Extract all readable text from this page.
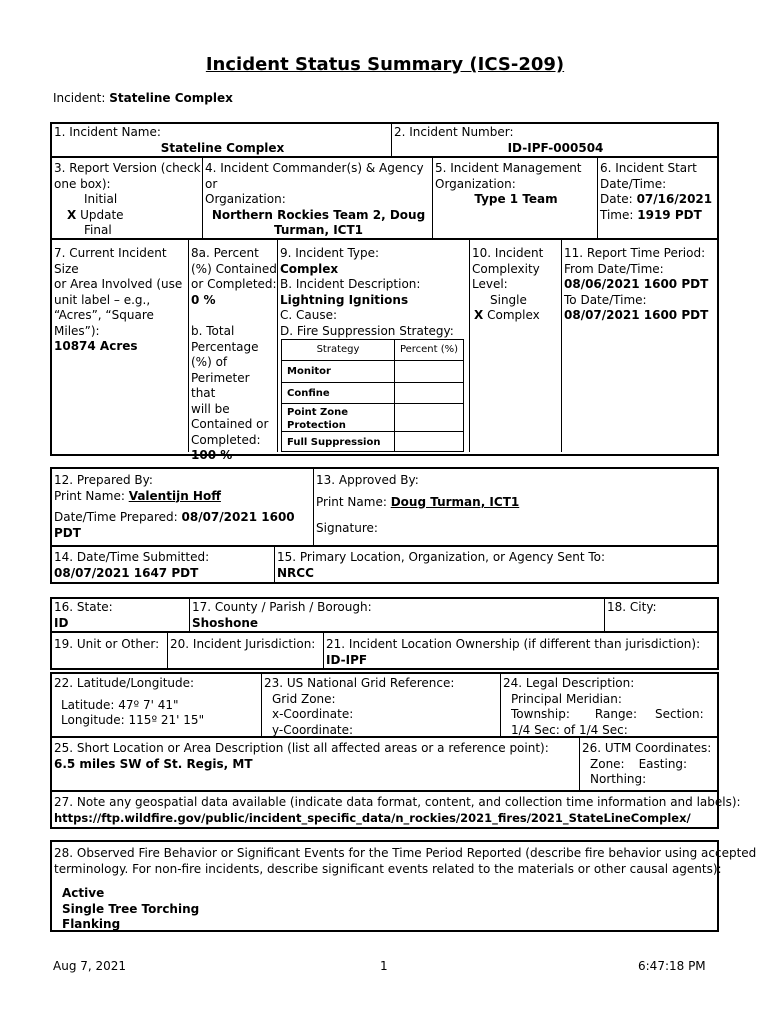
Incident Status Summary (ICS-209)
Incident: Stateline Complex
1. Incident Name:
Stateline Complex
2. Incident Number:
ID-IPF-000504
3. Report Version (check
one box):
Initial
X Update
Final
4. Incident Commander(s) & Agency or
Organization:
Northern Rockies Team 2, Doug
Turman, ICT1
5. Incident Management
Organization:
Type 1 Team
6. Incident Start
Date/Time:
Date: 07/16/2021
Time: 1919 PDT
7. Current Incident Size
or Area Involved (use
unit label – e.g.,
“Acres”, “Square
Miles”):
10874 Acres
8a. Percent
(%) Contained
or Completed:
0 %
b. Total
Percentage
(%) of
Perimeter that
will be
Contained or
Completed:
100 %
9. Incident Type:
Complex
B. Incident Description:
Lightning Ignitions
C. Cause:
D. Fire Suppression Strategy:
Strategy	Percent (%)
Monitor
Confine
Point Zone
Protection
Full Suppression
10. Incident
Complexity
Level:
Single
X Complex
11. Report Time Period:
From Date/Time:
08/06/2021 1600 PDT
To Date/Time:
08/07/2021 1600 PDT
12. Prepared By:
Print Name: Valentijn Hoff
Date/Time Prepared: 08/07/2021 1600
PDT
13. Approved By:
Print Name: Doug Turman, ICT1
Signature:
14. Date/Time Submitted:
08/07/2021 1647 PDT
15. Primary Location, Organization, or Agency Sent To:
NRCC
16. State:
ID
17. County / Parish / Borough:
Shoshone
18. City:
19. Unit or Other: 20. Incident Jurisdiction: 21. Incident Location Ownership (if different than jurisdiction):
ID-IPF
22. Latitude/Longitude:
Latitude: 47º 7' 41"
Longitude: 115º 21' 15"
23. US National Grid Reference:
Grid Zone:
x-Coordinate:
y-Coordinate:
24. Legal Description:
Principal Meridian:
Township: Range: Section:
1/4 Sec: of 1/4 Sec:
25. Short Location or Area Description (list all affected areas or a reference point):
6.5 miles SW of St. Regis, MT
26. UTM Coordinates:
Zone: Easting:
Northing:
27. Note any geospatial data available (indicate data format, content, and collection time information and labels):
https://ftp.wildfire.gov/public/incident_specific_data/n_rockies/2021_fires/2021_StateLineComplex/
28. Observed Fire Behavior or Significant Events for the Time Period Reported (describe fire behavior using accepted
terminology. For non-fire incidents, describe significant events related to the materials or other causal agents):
Active
Single Tree Torching
Flanking
Aug 7, 2021	1	6:47:18 PM
